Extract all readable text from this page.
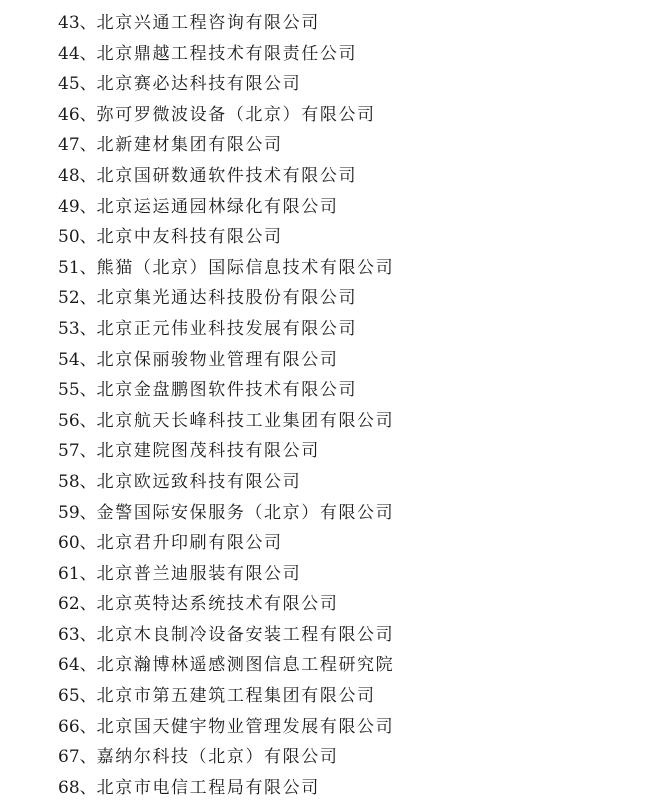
43、北京兴通工程咨询有限公司
44、北京鼎越工程技术有限责任公司
45、北京赛必达科技有限公司
46、弥可罗微波设备（北京）有限公司
47、北新建材集团有限公司
48、北京国研数通软件技术有限公司
49、北京运运通园林绿化有限公司
50、北京中友科技有限公司
51、熊猫（北京）国际信息技术有限公司
52、北京集光通达科技股份有限公司
53、北京正元伟业科技发展有限公司
54、北京保丽骏物业管理有限公司
55、北京金盘鹏图软件技术有限公司
56、北京航天长峰科技工业集团有限公司
57、北京建院图茂科技有限公司
58、北京欧远致科技有限公司
59、金警国际安保服务（北京）有限公司
60、北京君升印刷有限公司
61、北京普兰迪服装有限公司
62、北京英特达系统技术有限公司
63、北京木良制冷设备安装工程有限公司
64、北京瀚博林遥感测图信息工程研究院
65、北京市第五建筑工程集团有限公司
66、北京国天健宇物业管理发展有限公司
67、嘉纳尔科技（北京）有限公司
68、北京市电信工程局有限公司
